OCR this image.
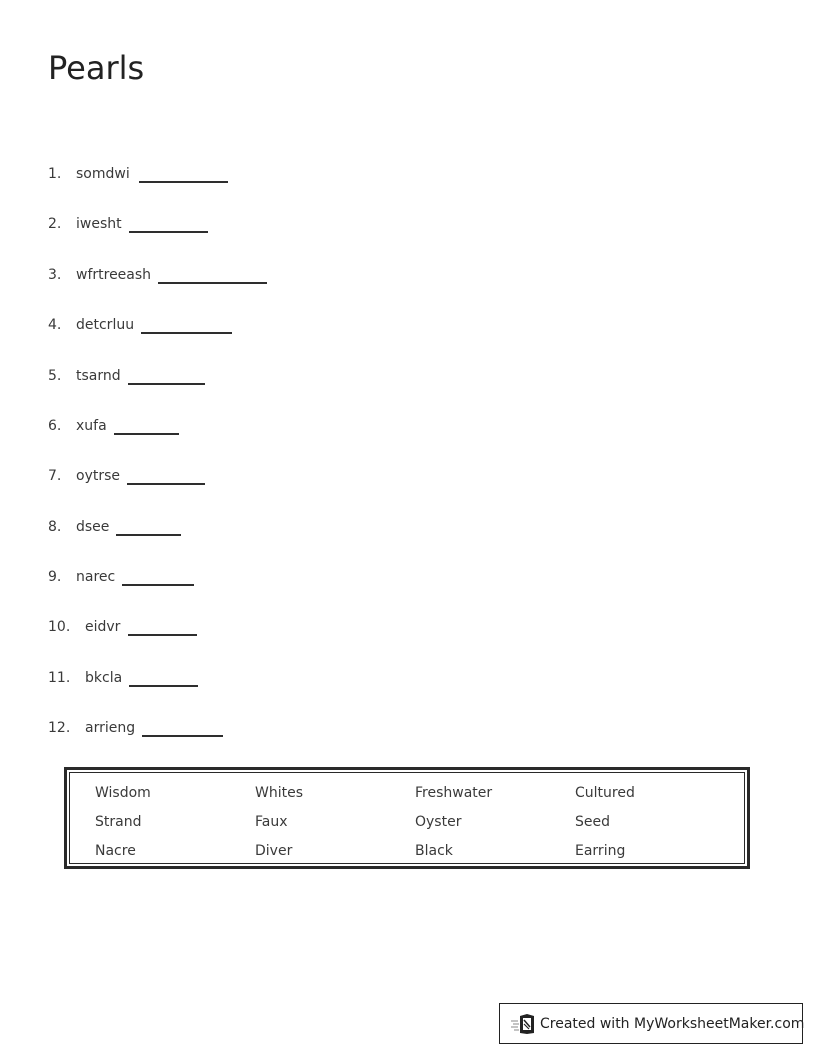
Pearls
1. somdwi
2. iwesht
3. wfrtreeash
4. detcrluu
5. tsarnd
6. xufa
7. oytrse
8. dsee
9. narec
10. eidvr
11. bkcla
12. arrieng
Wisdom	Whites	Freshwater	Cultured
Strand	Faux	Oyster	Seed
Nacre	Diver	Black	Earring
Created with MyWorksheetMaker.com
